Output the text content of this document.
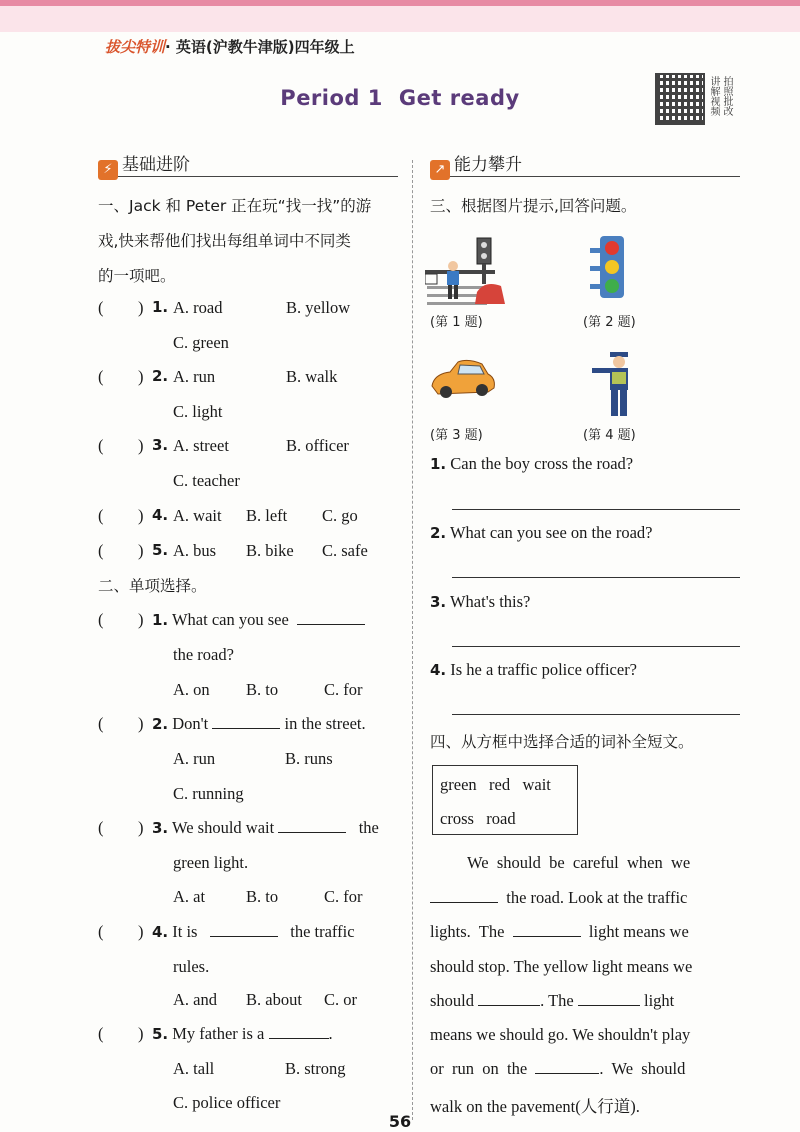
拔尖特训· 英语(沪教牛津版)四年级上
Period 1 Get ready	讲解视频 拍照批改
⚡ 基础进阶
一、Jack 和 Peter 正在玩“找一找”的游
戏,快来帮他们找出每组单词中不同类
的一项吧。
( ) 1. A. road	B. yellow
C. green
( ) 2. A. run	B. walk
C. light
( ) 3. A. street	B. officer
C. teacher
( ) 4. A. wait B. left C. go
( ) 5. A. bus B. bike C. safe
二、单项选择。
( ) 1. What can you see
the road?
A. on B. to	C. for
( ) 2. Don't	in the street.
A. run	B. runs
C. running
( ) 3. We should wait	the
green light.
A. at B. to	C. for
( ) 4. It is	the traffic
rules.
A. and B. about C. or
( ) 5. My father is a	.
A. tall	B. strong
C. police officer
↗ 能力攀升
三、根据图片提示,回答问题。
(第 1 题)	(第 2 题)
(第 3 题)	(第 4 题)
1. Can the boy cross the road?
2. What can you see on the road?
3. What's this?
4. Is he a traffic police officer?
四、从方框中选择合适的词补全短文。
green   red   wait
cross   road
We  should  be  careful  when  we
the road. Look at the traffic
lights.  The	light means we
should stop. The yellow light means we
should	. The	light
means we should go. We shouldn't play
or  run  on  the	.  We  should
walk on the pavement(人行道).
56
